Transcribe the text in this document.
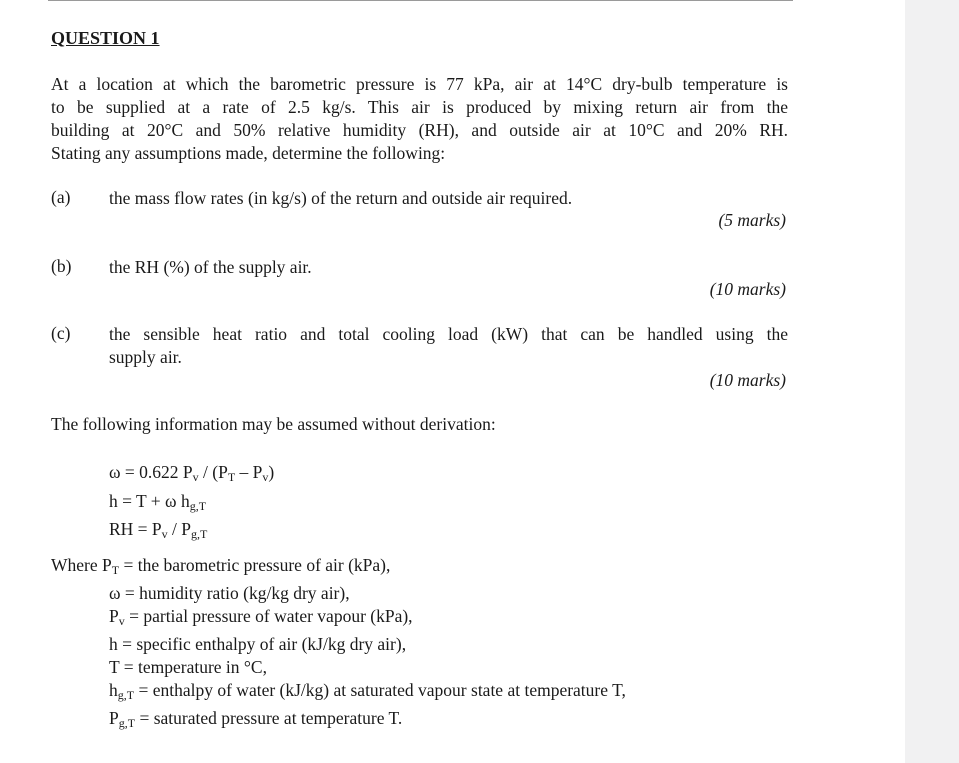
QUESTION 1
At a location at which the barometric pressure is 77 kPa, air at 14°C dry-bulb temperature is
to be supplied at a rate of 2.5 kg/s. This air is produced by mixing return air from the
building at 20°C and 50% relative humidity (RH), and outside air at 10°C and 20% RH.
Stating any assumptions made, determine the following:
(a) the mass flow rates (in kg/s) of the return and outside air required.
(5 marks)
(b) the RH (%) of the supply air.
(10 marks)
(c) the sensible heat ratio and total cooling load (kW) that can be handled using the
supply air.
(10 marks)
The following information may be assumed without derivation:
ω = 0.622 $P_v / (P_T - P_v)$
h = T + ω $h_{g,T}$
RH = $P_v / P_{g,T}$
Where $P_T$ = the barometric pressure of air (kPa),
ω = humidity ratio (kg/kg dry air),
$P_v$ = partial pressure of water vapour (kPa),
h = specific enthalpy of air (kJ/kg dry air),
T = temperature in °C,
$h_{g,T}$ = enthalpy of water (kJ/kg) at saturated vapour state at temperature T,
$P_{g,T}$ = saturated pressure at temperature T.
